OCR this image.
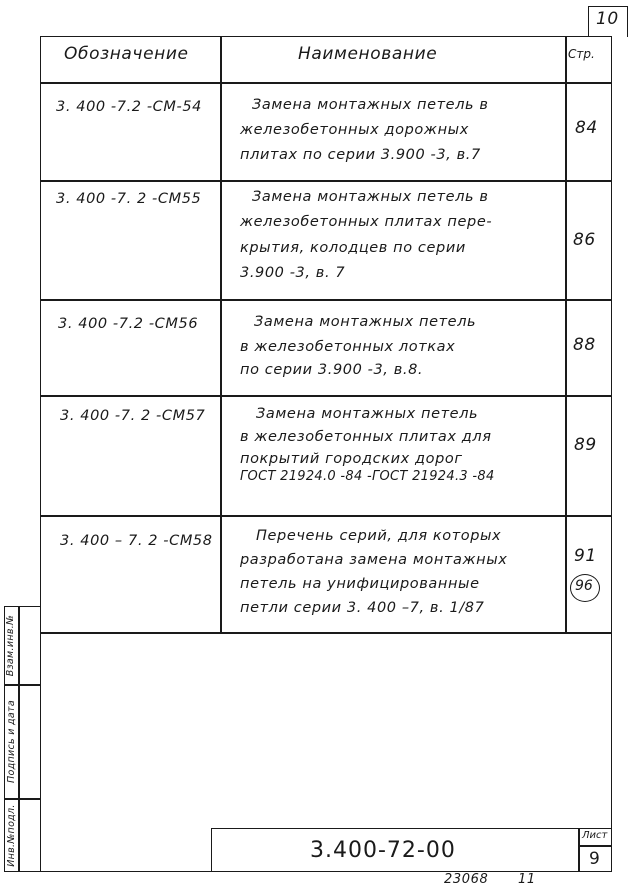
10
Обозначение	Наименование	Стр.
3. 400 -7.2 -СМ-54	Замена монтажных петель в
железобетонных дорожных
плитах по серии 3.900 -3, в.7
84
3. 400 -7. 2 -СМ55	Замена монтажных петель в
железобетонных плитах пере-
крытия, колодцев по серии
3.900 -3, в. 7
86
3. 400 -7.2 -СМ56	Замена монтажных петель
в железобетонных лотках
по серии 3.900 -3, в.8.
88
3. 400 -7. 2 -СМ57	Замена монтажных петель
в железобетонных плитах для
покрытий городских дорог
ГОСТ 21924.0 -84 -ГОСТ 21924.3 -84
89
3. 400 – 7. 2 -СМ58	Перечень серий, для которых
разработана замена монтажных
петель на унифицированные
петли серии 3. 400 –7, в. 1/87
91
96
Взам.инв.№
Подпись и дата
Инв.№подл.	3.400-72-00
Лист
9
23068 11
